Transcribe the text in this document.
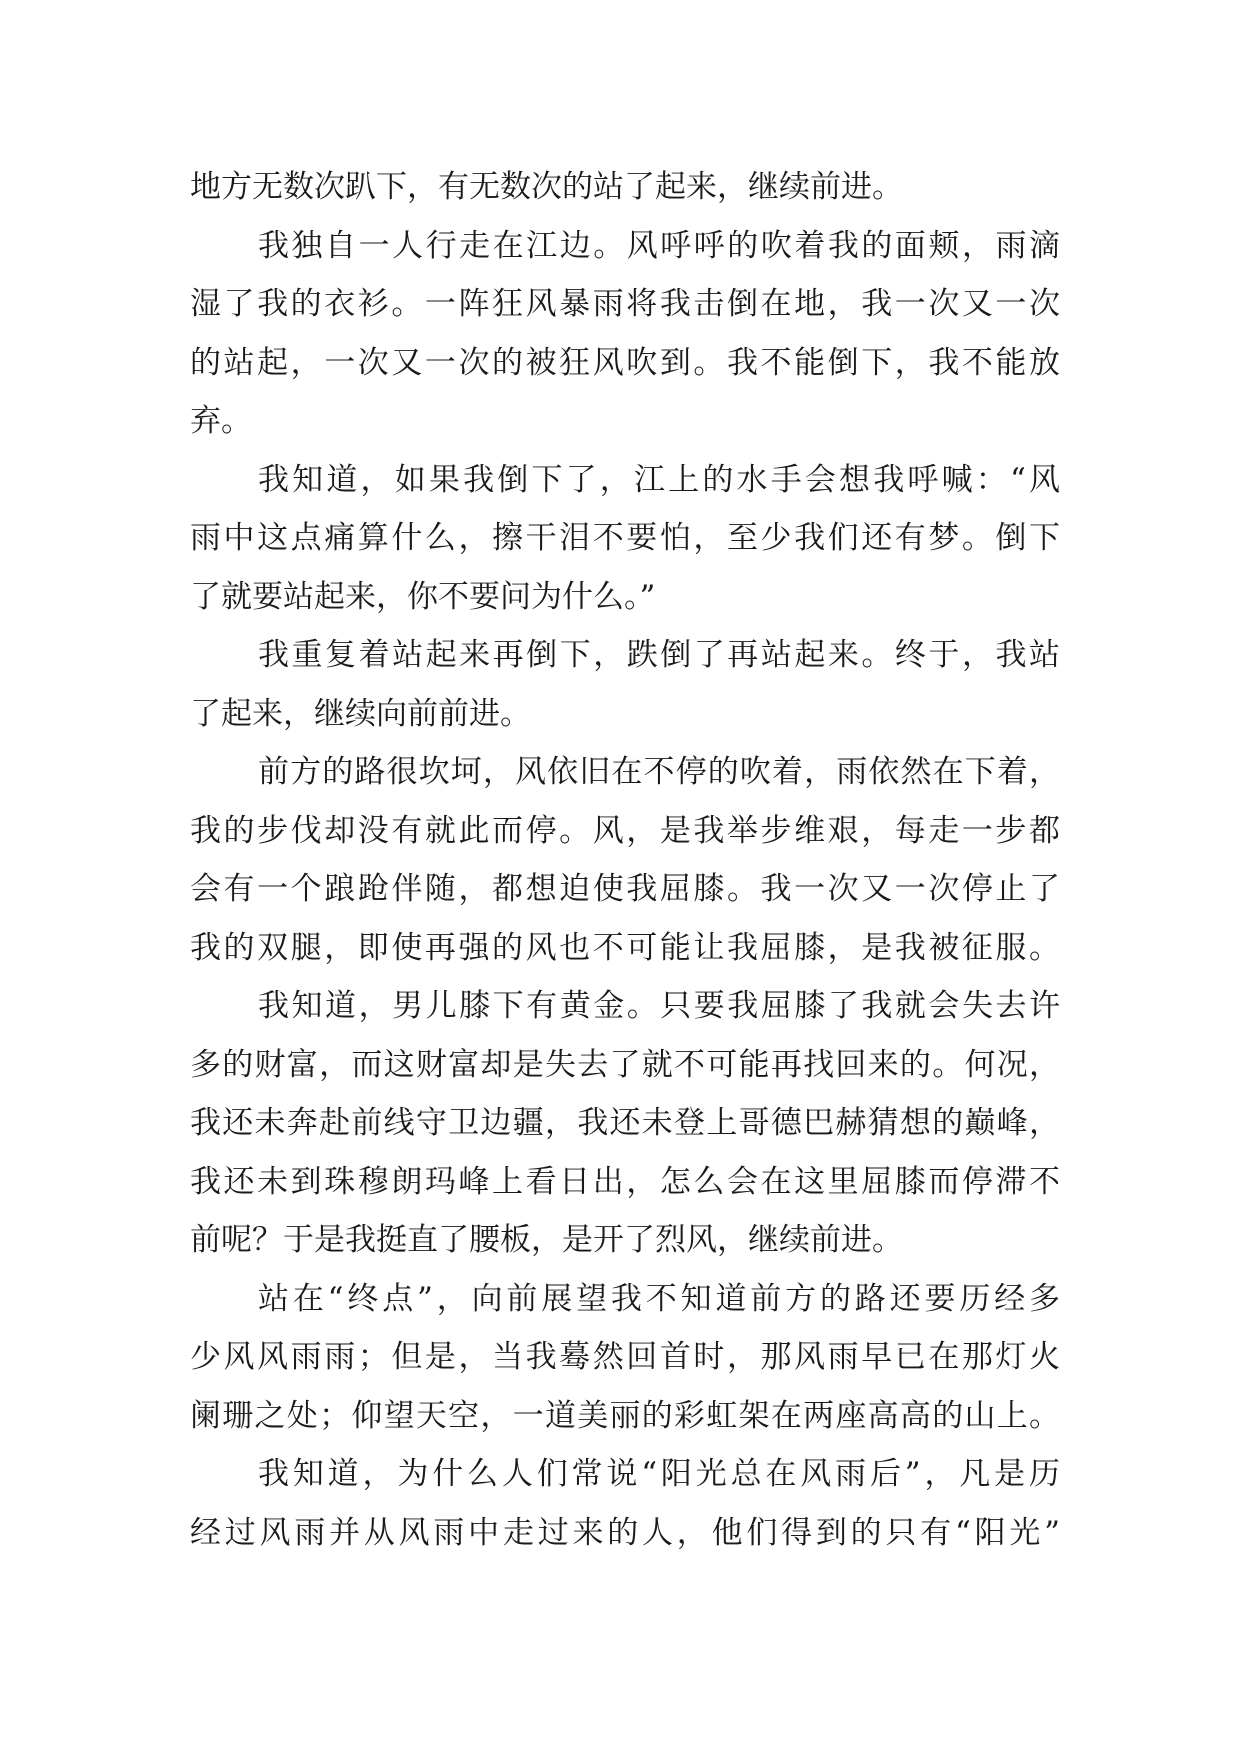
地方无数次趴下，有无数次的站了起来，继续前进。
我独自一人行走在江边。风呼呼的吹着我的面颊，雨滴
湿了我的衣衫。一阵狂风暴雨将我击倒在地，我一次又一次
的站起，一次又一次的被狂风吹到。我不能倒下，我不能放
弃。
我知道，如果我倒下了，江上的水手会想我呼喊：“风
雨中这点痛算什么，擦干泪不要怕，至少我们还有梦。倒下
了就要站起来，你不要问为什么。”
我重复着站起来再倒下，跌倒了再站起来。终于，我站
了起来，继续向前前进。
前方的路很坎坷，风依旧在不停的吹着，雨依然在下着，
我的步伐却没有就此而停。风，是我举步维艰，每走一步都
会有一个踉跄伴随，都想迫使我屈膝。我一次又一次停止了
我的双腿，即使再强的风也不可能让我屈膝，是我被征服。
我知道，男儿膝下有黄金。只要我屈膝了我就会失去许
多的财富，而这财富却是失去了就不可能再找回来的。何况，
我还未奔赴前线守卫边疆，我还未登上哥德巴赫猜想的巅峰，
我还未到珠穆朗玛峰上看日出，怎么会在这里屈膝而停滞不
前呢？于是我挺直了腰板，是开了烈风，继续前进。
站在“终点”，向前展望我不知道前方的路还要历经多
少风风雨雨；但是，当我蓦然回首时，那风雨早已在那灯火
阑珊之处；仰望天空，一道美丽的彩虹架在两座高高的山上。
我知道，为什么人们常说“阳光总在风雨后”，凡是历
经过风雨并从风雨中走过来的人，他们得到的只有“阳光”
